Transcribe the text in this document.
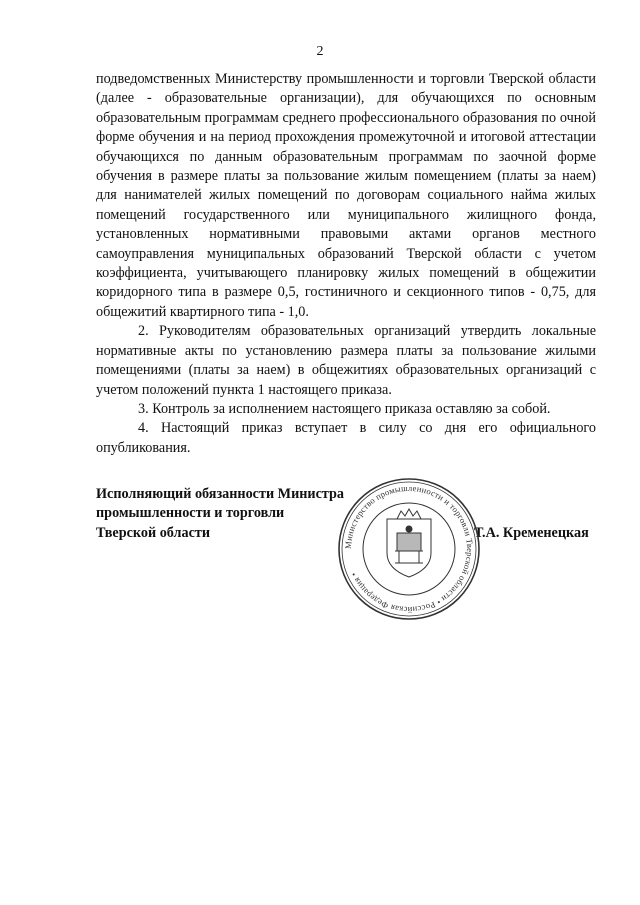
2

подведомственных Министерству промышленности и торговли Тверской области (далее - образовательные организации), для обучающихся по основным образовательным программам среднего профессионального образования по очной форме обучения и на период прохождения промежуточной и итоговой аттестации обучающихся по данным образовательным программам по заочной форме обучения в размере платы за пользование жилым помещением (платы за наем) для нанимателей жилых помещений по договорам социального найма жилых помещений государственного или муниципального жилищного фонда, установленных нормативными правовыми актами органов местного самоуправления муниципальных образований Тверской области с учетом коэффициента, учитывающего планировку жилых помещений в общежитии коридорного типа в размере 0,5, гостиничного и секционного типов - 0,75, для общежитий квартирного типа - 1,0.

2. Руководителям образовательных организаций утвердить локальные нормативные акты по установлению размера платы за пользование жилыми помещениями (платы за наем) в общежитиях образовательных организаций с учетом положений пункта 1 настоящего приказа.

3. Контроль за исполнением настоящего приказа оставляю за собой.

4. Настоящий приказ вступает в силу со дня его официального опубликования.

Исполняющий обязанности Министра
промышленности и торговли
Тверской области	Т.А. Кременецкая
Министерство промышленности и торговли Тверской области • Российская Федерация •
